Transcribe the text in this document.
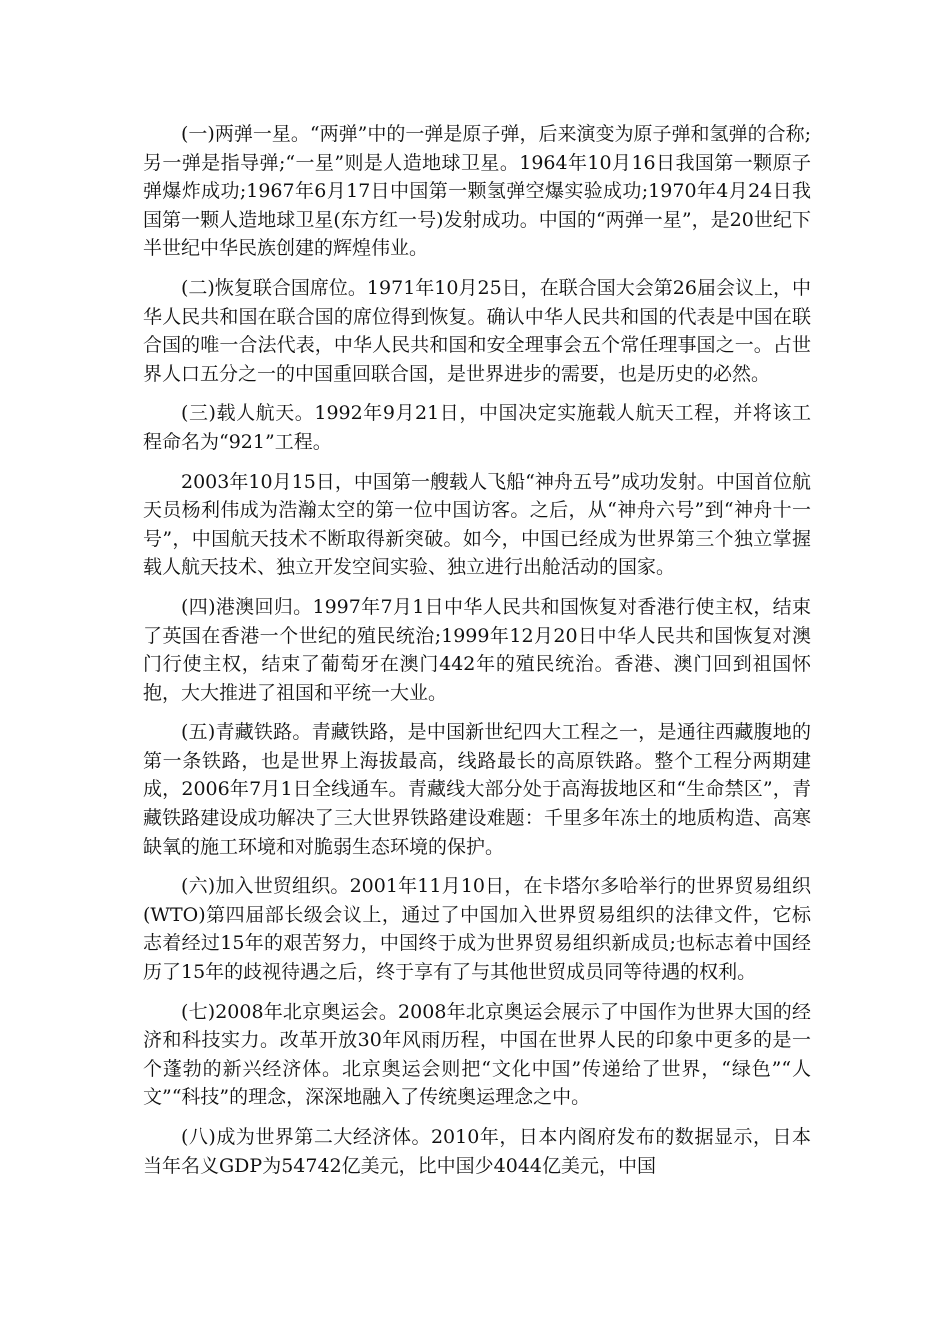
(一)两弹一星。“两弹”中的一弹是原子弹，后来演变为原子弹和氢弹的合称;另一弹是指导弹;“一星”则是人造地球卫星。1964年10月16日我国第一颗原子弹爆炸成功;1967年6月17日中国第一颗氢弹空爆实验成功;1970年4月24日我国第一颗人造地球卫星(东方红一号)发射成功。中国的“两弹一星”，是20世纪下半世纪中华民族创建的辉煌伟业。

(二)恢复联合国席位。1971年10月25日，在联合国大会第26届会议上，中华人民共和国在联合国的席位得到恢复。确认中华人民共和国的代表是中国在联合国的唯一合法代表，中华人民共和国和安全理事会五个常任理事国之一。占世界人口五分之一的中国重回联合国，是世界进步的需要，也是历史的必然。

(三)载人航天。1992年9月21日，中国决定实施载人航天工程，并将该工程命名为“921”工程。

2003年10月15日，中国第一艘载人飞船“神舟五号”成功发射。中国首位航天员杨利伟成为浩瀚太空的第一位中国访客。之后，从“神舟六号”到“神舟十一号”，中国航天技术不断取得新突破。如今，中国已经成为世界第三个独立掌握载人航天技术、独立开发空间实验、独立进行出舱活动的国家。

(四)港澳回归。1997年7月1日中华人民共和国恢复对香港行使主权，结束了英国在香港一个世纪的殖民统治;1999年12月20日中华人民共和国恢复对澳门行使主权，结束了葡萄牙在澳门442年的殖民统治。香港、澳门回到祖国怀抱，大大推进了祖国和平统一大业。

(五)青藏铁路。青藏铁路，是中国新世纪四大工程之一，是通往西藏腹地的第一条铁路，也是世界上海拔最高，线路最长的高原铁路。整个工程分两期建成，2006年7月1日全线通车。青藏线大部分处于高海拔地区和“生命禁区”，青藏铁路建设成功解决了三大世界铁路建设难题：千里多年冻土的地质构造、高寒缺氧的施工环境和对脆弱生态环境的保护。

(六)加入世贸组织。2001年11月10日，在卡塔尔多哈举行的世界贸易组织(WTO)第四届部长级会议上，通过了中国加入世界贸易组织的法律文件，它标志着经过15年的艰苦努力，中国终于成为世界贸易组织新成员;也标志着中国经历了15年的歧视待遇之后，终于享有了与其他世贸成员同等待遇的权利。

(七)2008年北京奥运会。2008年北京奥运会展示了中国作为世界大国的经济和科技实力。改革开放30年风雨历程，中国在世界人民的印象中更多的是一个蓬勃的新兴经济体。北京奥运会则把“文化中国”传递给了世界，“绿色”“人文”“科技”的理念，深深地融入了传统奥运理念之中。

(八)成为世界第二大经济体。2010年，日本内阁府发布的数据显示，日本当年名义GDP为54742亿美元，比中国少4044亿美元，中国
